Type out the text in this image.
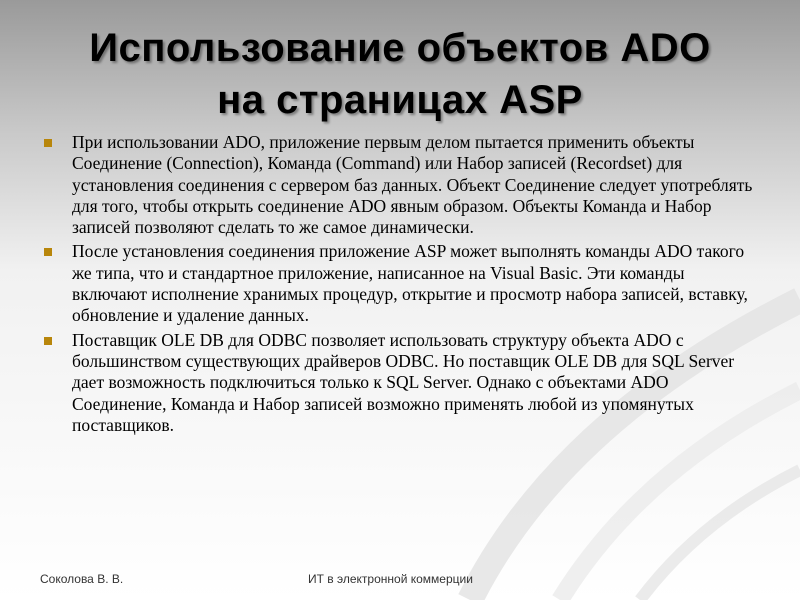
Использование объектов ADO
на страницах ASP
При использовании ADO, приложение первым делом пытается применить объекты Соединение (Connection), Команда (Command) или Набор записей (Recordset) для установления соединения с сервером баз данных. Объект Соединение следует употреблять для того, чтобы открыть соединение ADO явным образом. Объекты Команда и Набор записей позволяют сделать то же самое динамически.
После установления соединения приложение ASP может выполнять команды ADO такого же типа, что и стандартное приложение, написанное на Visual Basic. Эти команды включают исполнение хранимых процедур, открытие и просмотр набора записей, вставку, обновление и удаление данных.
Поставщик OLE DB для ODBC позволяет использовать структуру объекта ADO с большинством существующих драйверов ODBC. Но поставщик OLE DB для SQL Server дает возможность подключиться только к SQL Server. Однако с объектами ADO Соединение, Команда и Набор записей возможно применять любой из упомянутых поставщиков.
Соколова В. В.	ИТ в электронной коммерции
